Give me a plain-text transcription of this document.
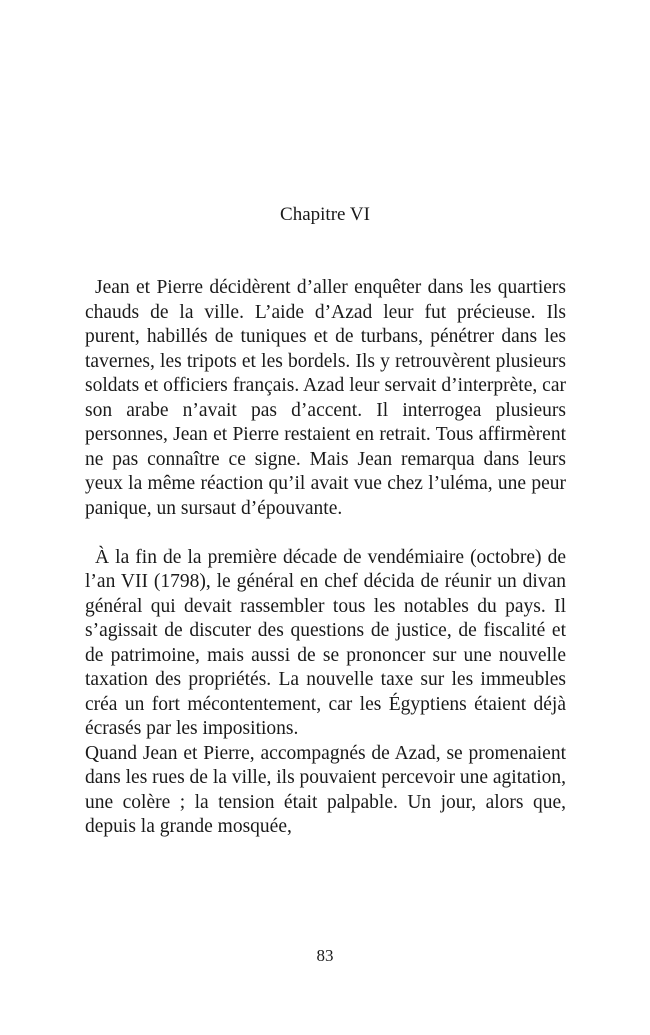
Chapitre VI

Jean et Pierre décidèrent d’aller enquêter dans les quartiers chauds de la ville. L’aide d’Azad leur fut précieuse. Ils purent, habillés de tuniques et de turbans, pénétrer dans les tavernes, les tripots et les bordels. Ils y retrouvèrent plusieurs soldats et officiers français. Azad leur servait d’interprète, car son arabe n’avait pas d’accent. Il interrogea plusieurs personnes, Jean et Pierre restaient en retrait. Tous affirmèrent ne pas connaître ce signe. Mais Jean remarqua dans leurs yeux la même réaction qu’il avait vue chez l’uléma, une peur panique, un sursaut d’épouvante.

À la fin de la première décade de vendémiaire (octobre) de l’an VII (1798), le général en chef décida de réunir un divan général qui devait rassembler tous les notables du pays. Il s’agissait de discuter des questions de justice, de fiscalité et de patrimoine, mais aussi de se prononcer sur une nouvelle taxation des propriétés. La nouvelle taxe sur les immeubles créa un fort mécontentement, car les Égyptiens étaient déjà écrasés par les impositions.

Quand Jean et Pierre, accompagnés de Azad, se promenaient dans les rues de la ville, ils pouvaient percevoir une agitation, une colère ; la tension était palpable. Un jour, alors que, depuis la grande mosquée,

83
